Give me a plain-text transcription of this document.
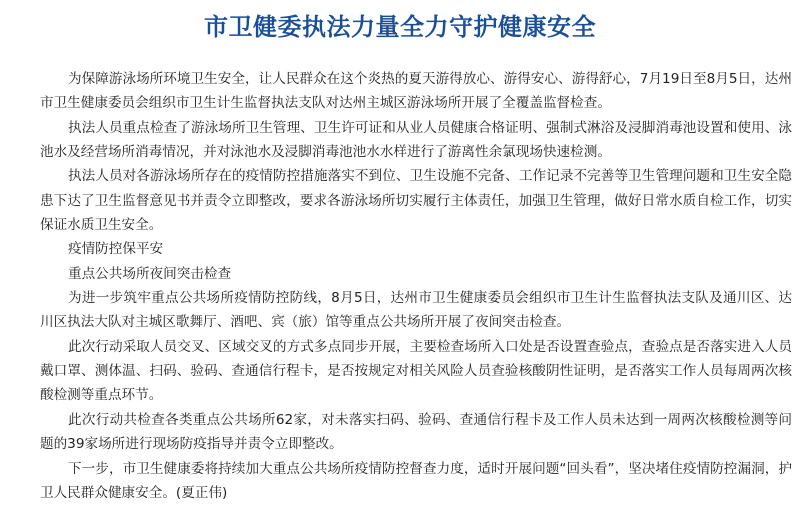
市卫健委执法力量全力守护健康安全

为保障游泳场所环境卫生安全，让人民群众在这个炎热的夏天游得放心、游得安心、游得舒心，7月19日至8月5日，达州市卫生健康委员会组织市卫生计生监督执法支队对达州主城区游泳场所开展了全覆盖监督检查。

执法人员重点检查了游泳场所卫生管理、卫生许可证和从业人员健康合格证明、强制式淋浴及浸脚消毒池设置和使用、泳池水及经营场所消毒情况，并对泳池水及浸脚消毒池池水水样进行了游离性余氯现场快速检测。

执法人员对各游泳场所存在的疫情防控措施落实不到位、卫生设施不完备、工作记录不完善等卫生管理问题和卫生安全隐患下达了卫生监督意见书并责令立即整改，要求各游泳场所切实履行主体责任，加强卫生管理，做好日常水质自检工作，切实保证水质卫生安全。

疫情防控保平安

重点公共场所夜间突击检查

为进一步筑牢重点公共场所疫情防控防线，8月5日，达州市卫生健康委员会组织市卫生计生监督执法支队及通川区、达川区执法大队对主城区歌舞厅、酒吧、宾（旅）馆等重点公共场所开展了夜间突击检查。

此次行动采取人员交叉、区域交叉的方式多点同步开展，主要检查场所入口处是否设置查验点，查验点是否落实进入人员戴口罩、测体温、扫码、验码、查通信行程卡，是否按规定对相关风险人员查验核酸阴性证明，是否落实工作人员每周两次核酸检测等重点环节。

此次行动共检查各类重点公共场所62家，对未落实扫码、验码、查通信行程卡及工作人员未达到一周两次核酸检测等问题的39家场所进行现场防疫指导并责令立即整改。

下一步，市卫生健康委将持续加大重点公共场所疫情防控督查力度，适时开展问题“回头看”，坚决堵住疫情防控漏洞，护卫人民群众健康安全。(夏正伟)
